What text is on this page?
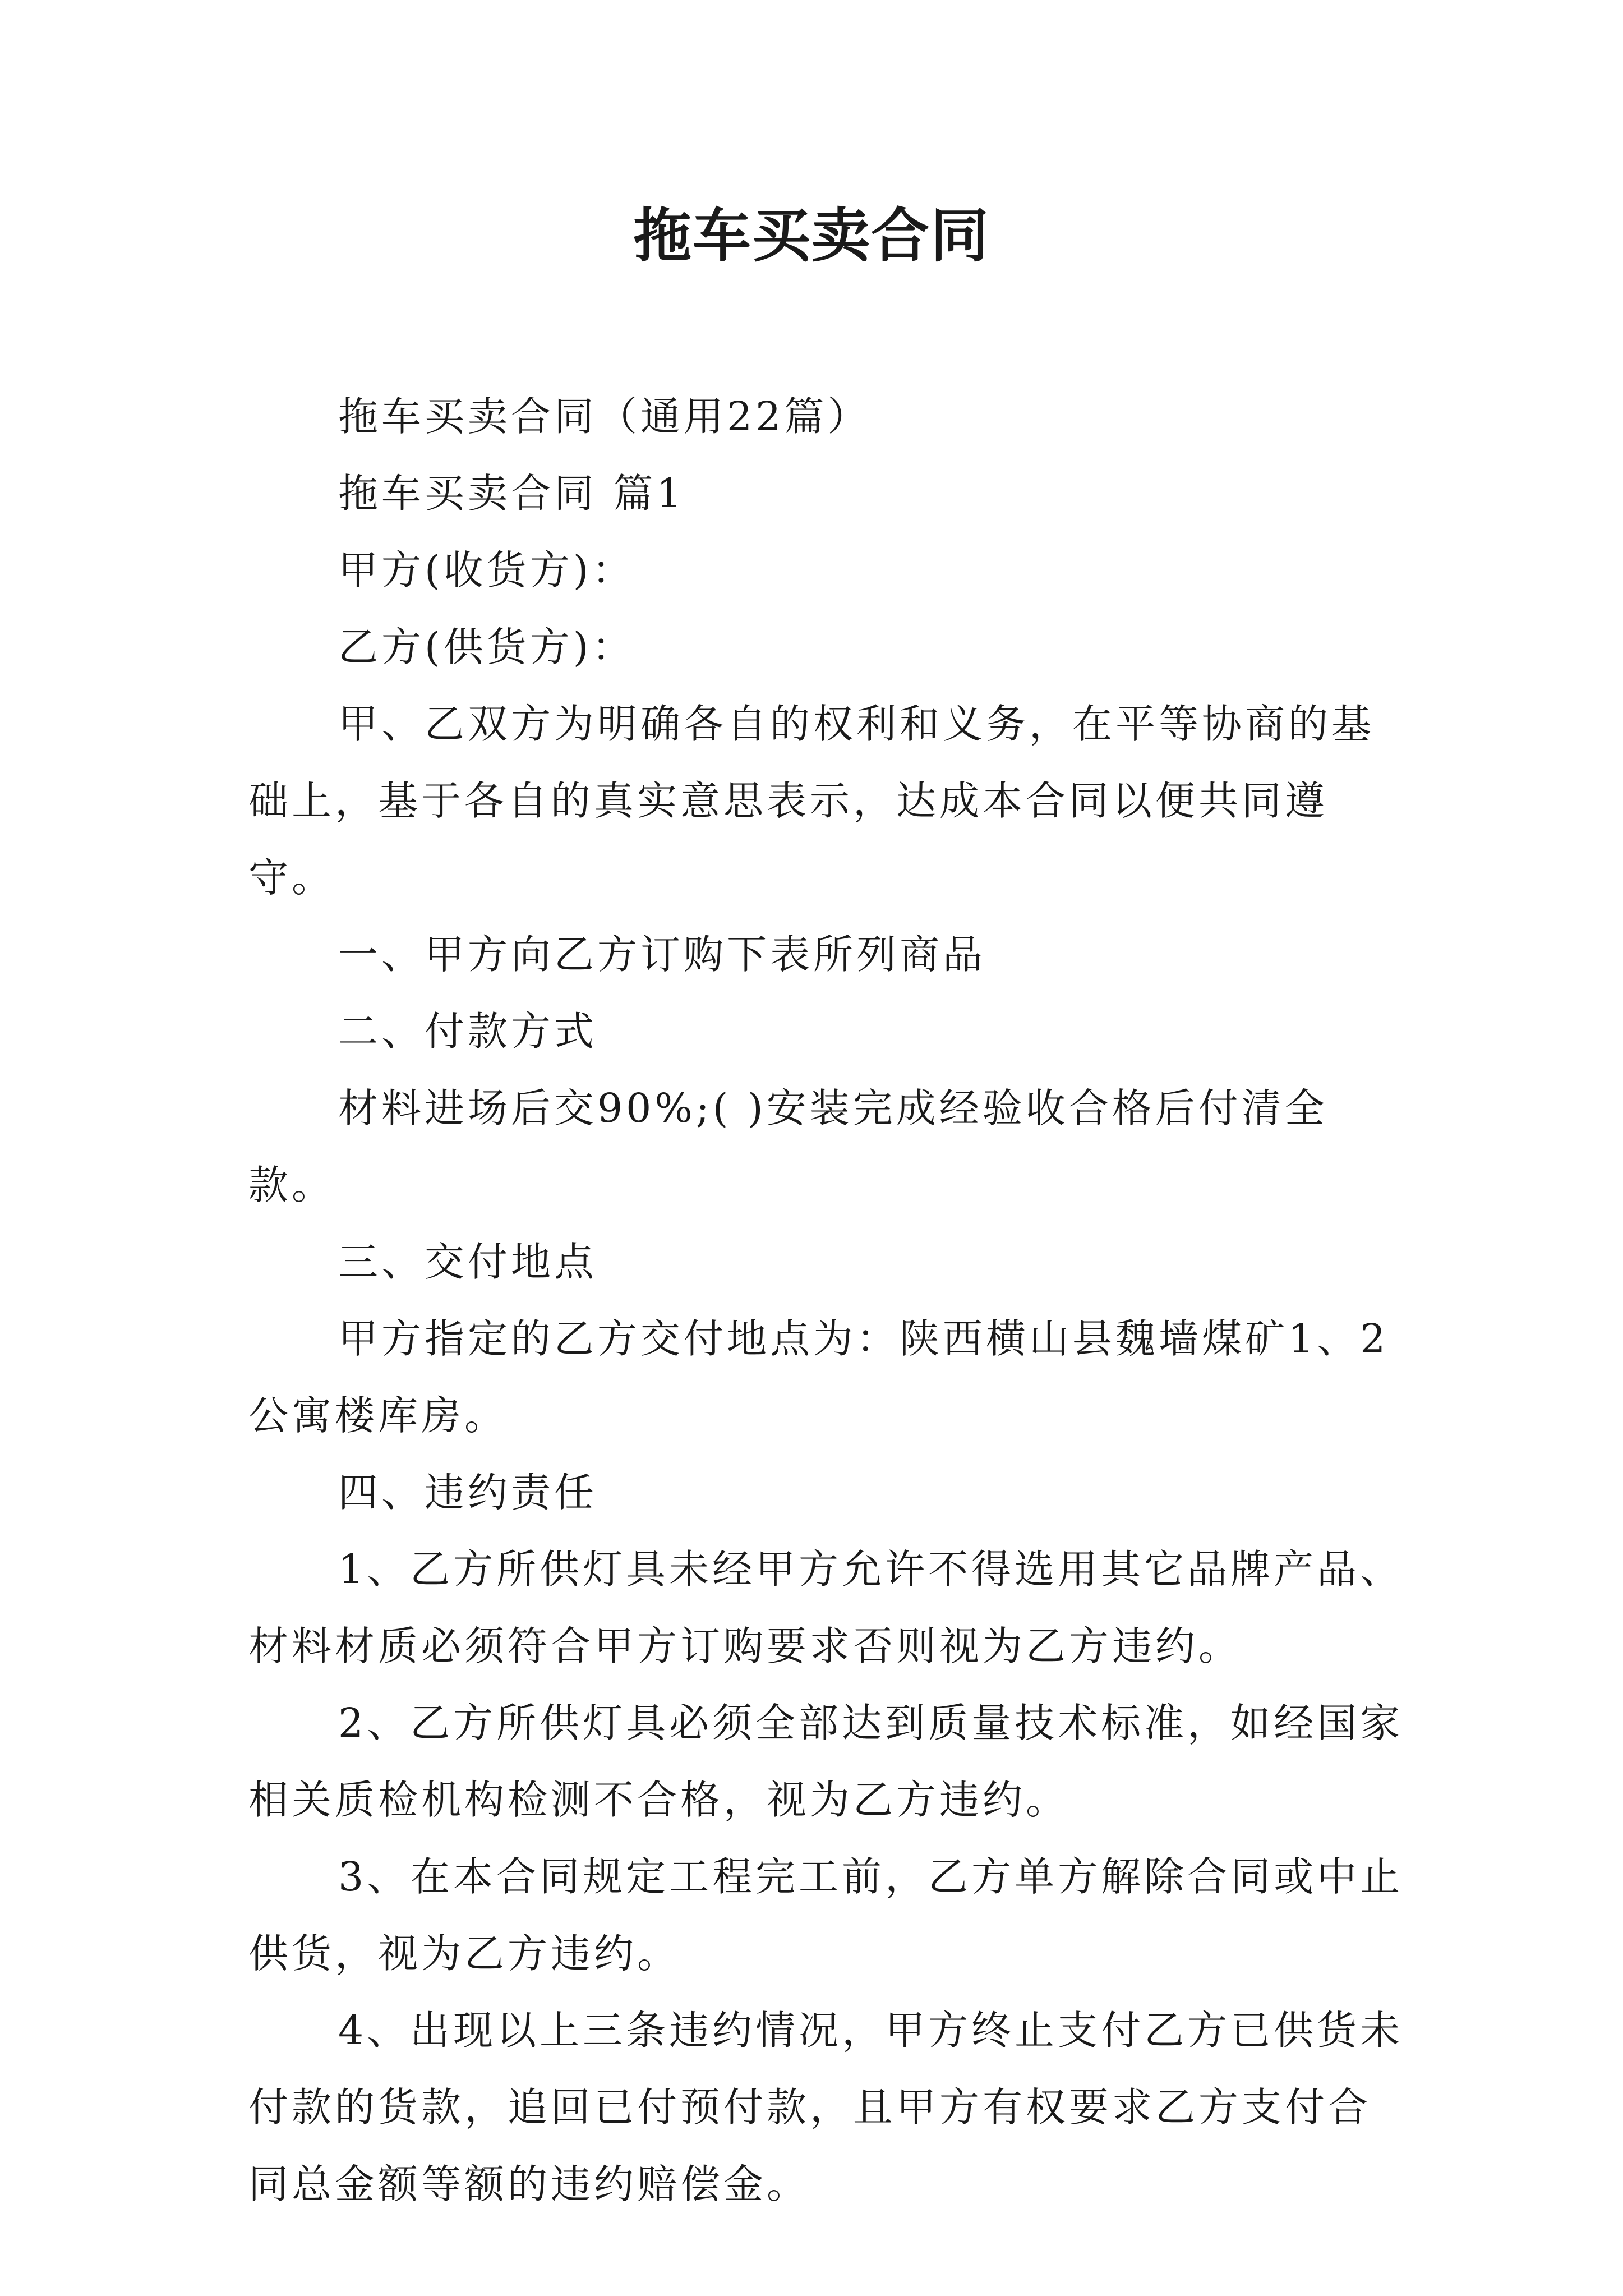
拖车买卖合同

拖车买卖合同（通用22篇）

拖车买卖合同 篇1

甲方(收货方)：

乙方(供货方)：

甲、乙双方为明确各自的权利和义务，在平等协商的基础上，基于各自的真实意思表示，达成本合同以便共同遵守。

一、甲方向乙方订购下表所列商品

二、付款方式

材料进场后交90%;( )安装完成经验收合格后付清全款。

三、交付地点

甲方指定的乙方交付地点为：陕西横山县魏墙煤矿1、2公寓楼库房。

四、违约责任

1、乙方所供灯具未经甲方允许不得选用其它品牌产品、材料材质必须符合甲方订购要求否则视为乙方违约。

2、乙方所供灯具必须全部达到质量技术标准，如经国家相关质检机构检测不合格，视为乙方违约。

3、在本合同规定工程完工前，乙方单方解除合同或中止供货，视为乙方违约。

4、出现以上三条违约情况，甲方终止支付乙方已供货未付款的货款，追回已付预付款，且甲方有权要求乙方支付合同总金额等额的违约赔偿金。
